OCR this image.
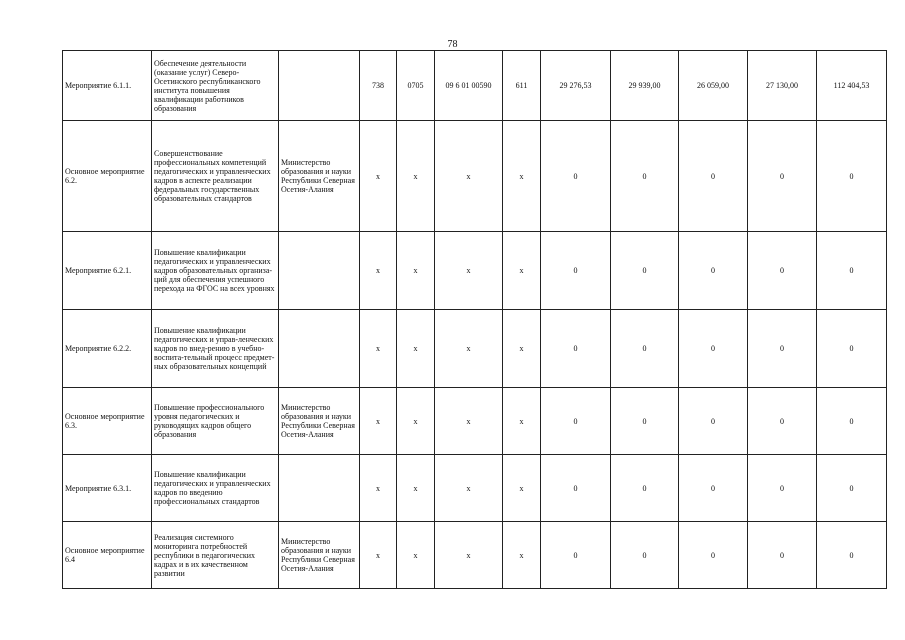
78
Мероприятие 6.1.1.	Обеспечение деятельности (оказание услуг) Северо-Осетинского республиканского института повышения квалификации работников образования		738	0705	09 6 01 00590	611	29 276,53	29 939,00	26 059,00	27 130,00	112 404,53
Основное мероприятие 6.2.	Совершенствование профессиональных компетенций педагогических и управленческих кадров в аспекте реализации федеральных государственных образовательных стандартов	Министерство образования и науки Республики Северная Осетия-Алания	x	x	x	x	0	0	0	0	0
Мероприятие 6.2.1.	Повышение квалификации педагогических и управленческих кадров образовательных организа-ций для обеспечения успешного перехода на ФГОС на всех уровнях		x	x	x	x	0	0	0	0	0
Мероприятие 6.2.2.	Повышение квалификации педагогических и управ-ленческих кадров по внед-рению в учебно-воспита-тельный процесс предмет-ных образовательных концепций		x	x	x	x	0	0	0	0	0
Основное мероприятие 6.3.	Повышение профессионального уровня педагогических и руководящих кадров общего образования	Министерство образования и науки Республики Северная Осетия-Алания	x	x	x	x	0	0	0	0	0
Мероприятие 6.3.1.	Повышение квалификации педагогических и управленческих кадров по введению профессиональных стандартов		x	x	x	x	0	0	0	0	0
Основное мероприятие 6.4	Реализация системного мониторинга потребностей республики в педагогических кадрах и в их качественном развитии	Министерство образования и науки Республики Северная Осетия-Алания	x	x	x	x	0	0	0	0	0
